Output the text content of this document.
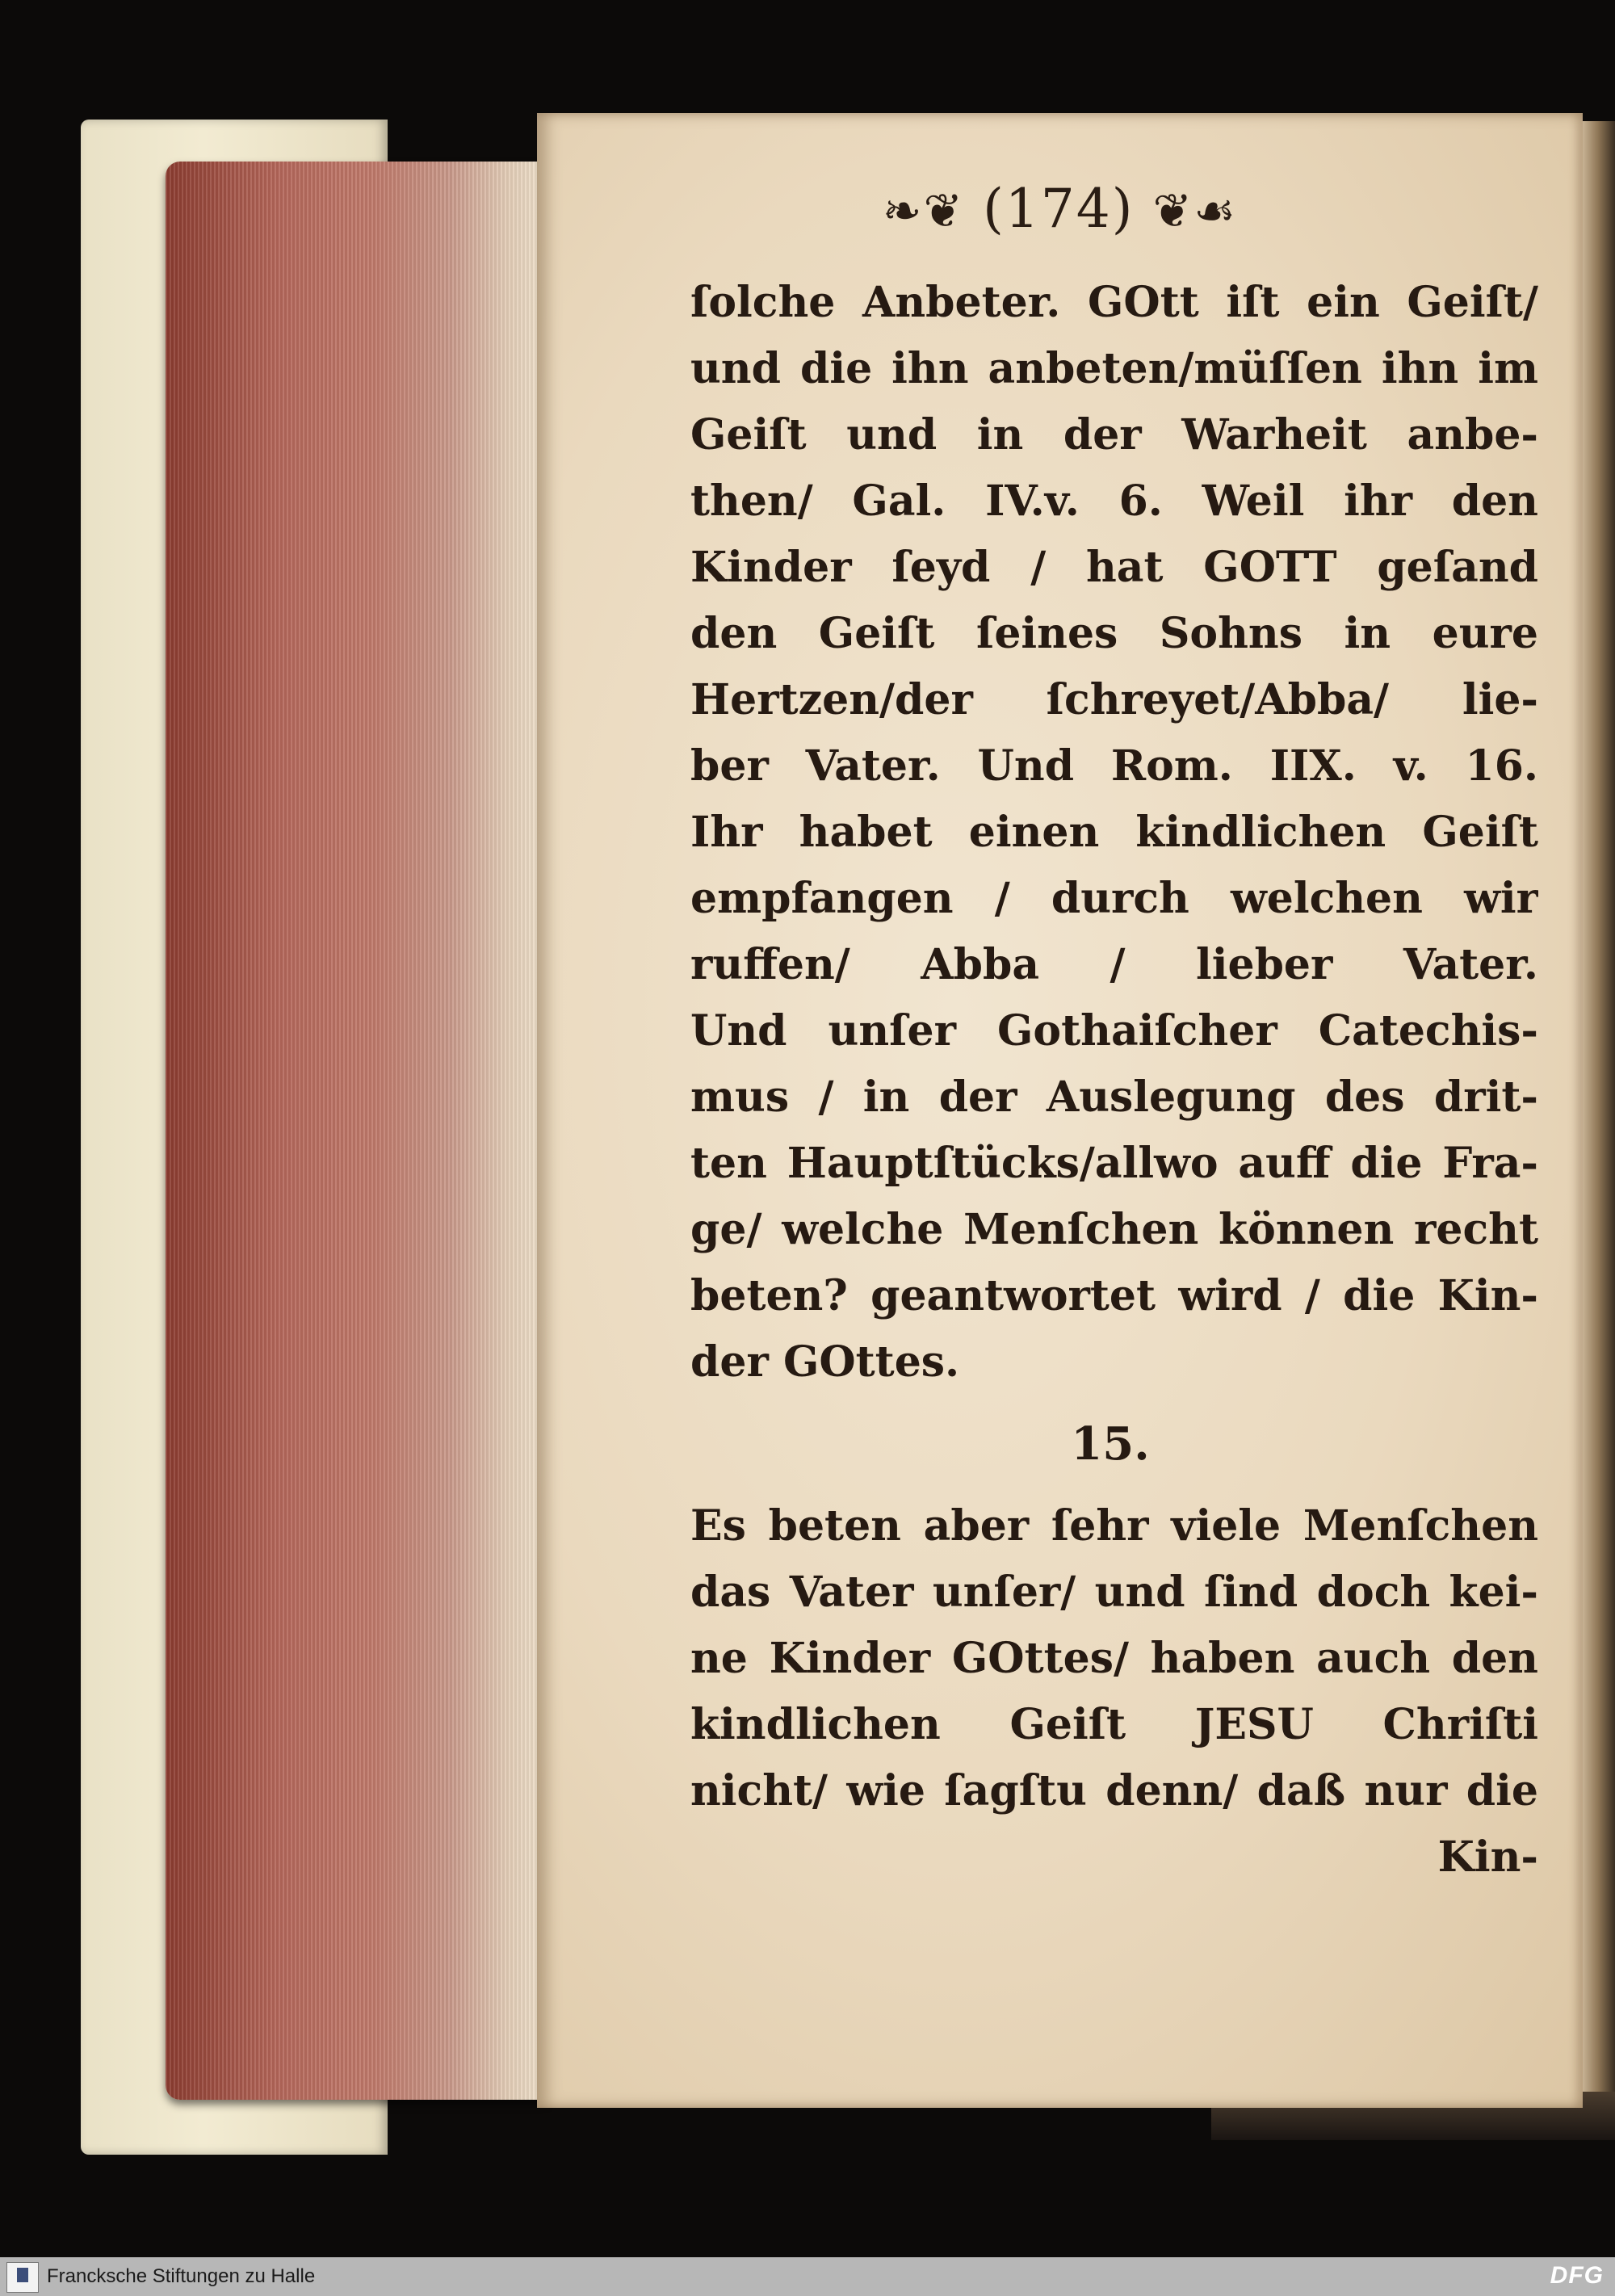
❧❦ (174) ❦☙
ſolche Anbeter. GOtt iſt ein Geiſt/
und die ihn anbeten/müſſen ihn im
Geiſt und in der Warheit anbe-
then/ Gal. IV.v. 6. Weil ihr den
Kinder ſeyd / hat GOTT geſand
den Geiſt ſeines Sohns in eure
Hertzen/der ſchreyet/Abba/ lie-
ber Vater. Und Rom. IIX. v. 16.
Ihr habet einen kindlichen Geiſt
empfangen / durch welchen wir
ruffen/ Abba / lieber Vater.
Und unſer Gothaiſcher Catechis-
mus / in der Auslegung des drit-
ten Hauptſtücks/allwo auff die Fra-
ge/ welche Menſchen können recht
beten? geantwortet wird / die Kin-
der GOttes.
15.
Es beten aber ſehr viele Menſchen
das Vater unſer/ und ſind doch kei-
ne Kinder GOttes/ haben auch den
kindlichen Geiſt JESU Chriſti
nicht/ wie ſagſtu denn/ daß nur die
Kin-
Francksche Stiftungen zu Halle	DFG
